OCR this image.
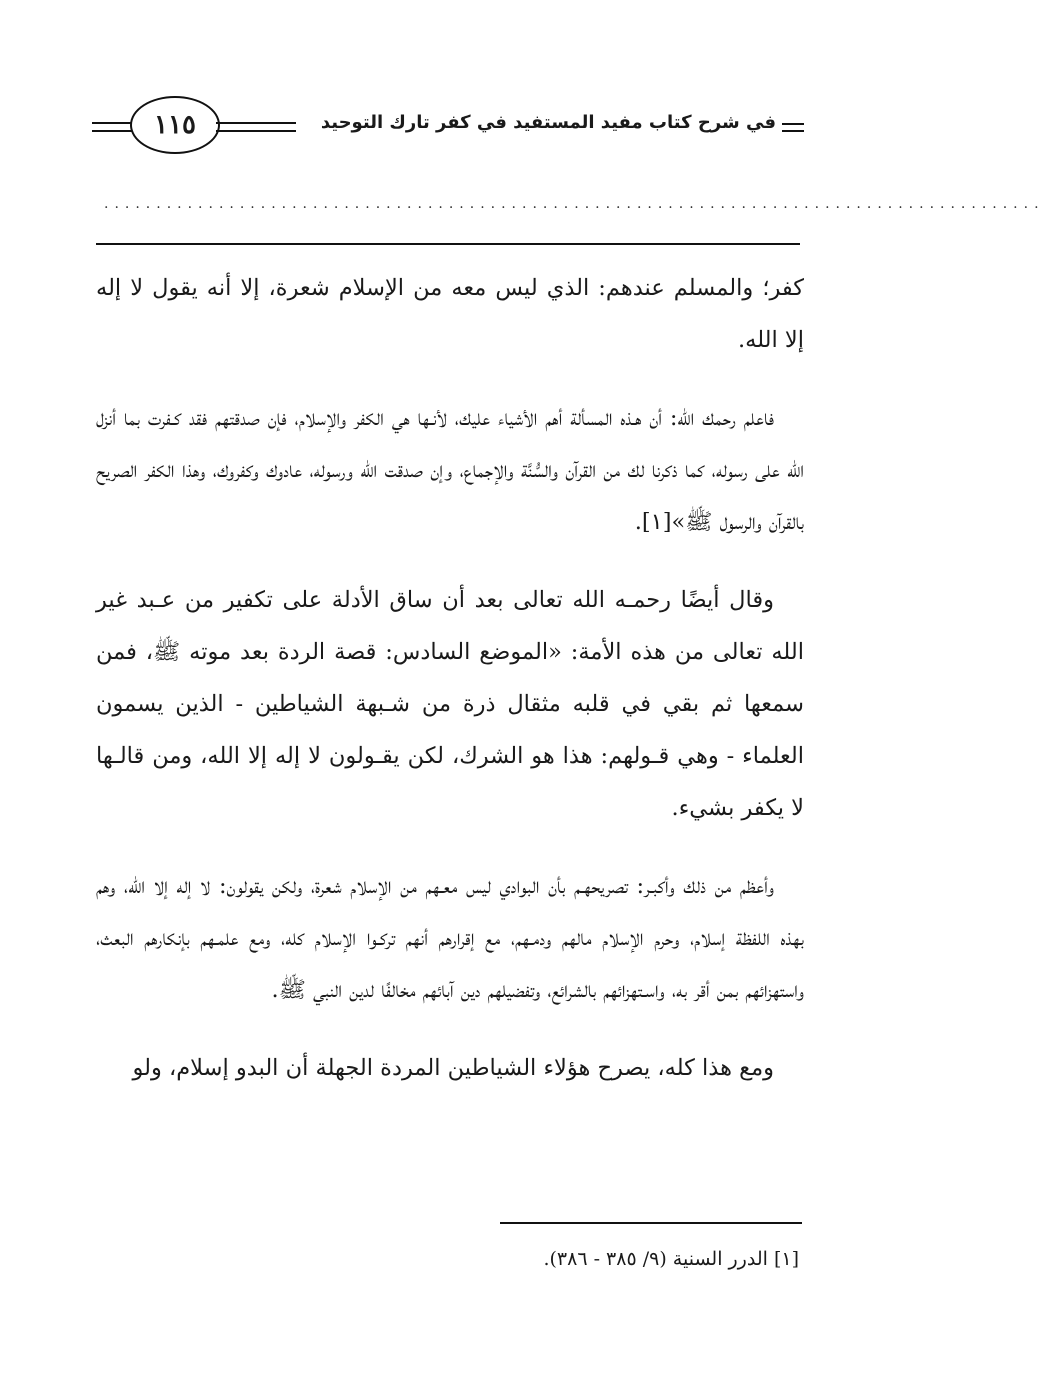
١١٥	في شرح كتاب مفيد المستفيد في كفر تارك التوحيد
..........................................................................................

كفر؛ والمسلم عندهم: الذي ليس معه من الإسلام شعرة، إلا أنه يقول لا إله إلا الله.

فاعلم رحمك الله: أن هـذه المسألة أهم الأشياء عليك، لأنـها هي الكفر والإسلام، فإن صدقتهم فقد كـفرت بما أنزل الله على رسوله، كما ذكرنا لك من القرآن والسُّنَّة والإجماع، وإن صدقت الله ورسوله، عادوك وكفروك، وهذا الكفر الصريح بالقرآن والرسول ﷺ»[١].

وقال أيضًا رحمـه الله تعالى بعد أن ساق الأدلة على تكفير من عـبد غير الله تعالى من هذه الأمة: «الموضع السادس: قصة الردة بعد موته ﷺ، فمن سمعها ثم بقي في قلبه مثقال ذرة من شـبهة الشياطين - الذين يسمون العلماء - وهي قـولهم: هذا هو الشرك، لكن يقـولون لا إله إلا الله، ومن قالـها لا يكفر بشيء.

وأعظم من ذلك وأكبـر: تصريحهـم بأن البوادي ليس معـهم من الإسلام شعرة، ولكن يقولون: لا إله إلا الله، وهم بهذه اللفظة إسلام، وحرم الإسلام مالهم ودمـهم، مع إقرارهم أنهم تركـوا الإسلام كله، ومع علمـهم بإنكارهم البعث، واستهزائهم بمن أقر به، واسـتهزائهم بالشرائع، وتفضيلهم دين آبائهم مخالفًا لدين النبي ﷺ.

ومع هذا كله، يصرح هؤلاء الشياطين المردة الجهلة أن البدو إسلام، ولو

[١] الدرر السنية (٩/ ٣٨٥ - ٣٨٦).
